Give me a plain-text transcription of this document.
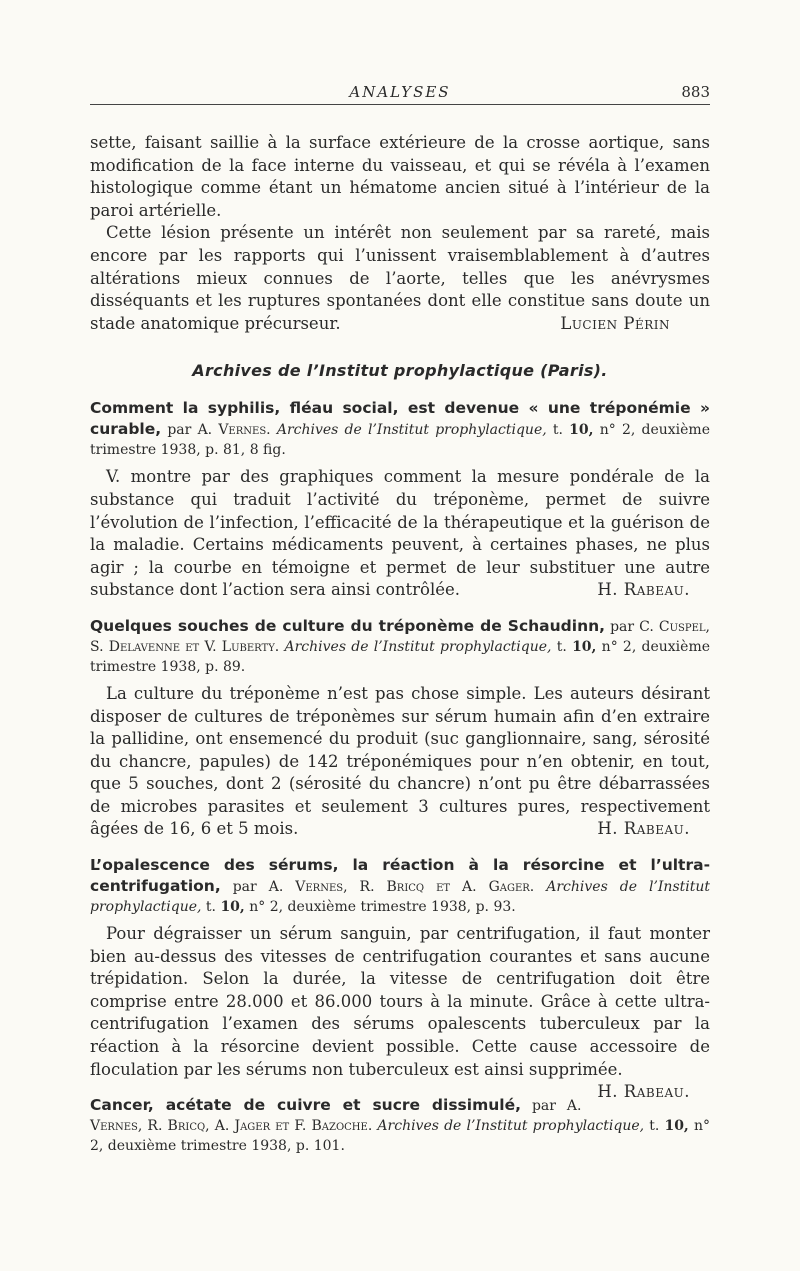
ANALYSES	883

sette, faisant saillie à la surface extérieure de la crosse aortique, sans modification de la face interne du vaisseau, et qui se révéla à l’examen histologique comme étant un hématome ancien situé à l’intérieur de la paroi artérielle.

Cette lésion présente un intérêt non seulement par sa rareté, mais encore par les rapports qui l’unissent vraisemblablement à d’autres altérations mieux connues de l’aorte, telles que les anévrysmes disséquants et les ruptures spontanées dont elle constitue sans doute un stade anatomique précurseur.	Lucien Périn

Archives de l’Institut prophylactique (Paris).
Comment la syphilis, fléau social, est devenue « une tréponémie » curable, par A. Vernes. Archives de l’Institut prophylactique, t. 10, n° 2, deuxième trimestre 1938, p. 81, 8 fig.

V. montre par des graphiques comment la mesure pondérale de la substance qui traduit l’activité du tréponème, permet de suivre l’évolution de l’infection, l’efficacité de la thérapeutique et la guérison de la maladie. Certains médicaments peuvent, à certaines phases, ne plus agir ; la courbe en témoigne et permet de leur substituer une autre substance dont l’action sera ainsi contrôlée.	H. Rabeau.

Quelques souches de culture du tréponème de Schaudinn, par C. Cuspel, S. Delavenne et V. Luberty. Archives de l’Institut prophylactique, t. 10, n° 2, deuxième trimestre 1938, p. 89.

La culture du tréponème n’est pas chose simple. Les auteurs désirant disposer de cultures de tréponèmes sur sérum humain afin d’en extraire la pallidine, ont ensemencé du produit (suc ganglionnaire, sang, sérosité du chancre, papules) de 142 tréponémiques pour n’en obtenir, en tout, que 5 souches, dont 2 (sérosité du chancre) n’ont pu être débarrassées de microbes parasites et seulement 3 cultures pures, respectivement âgées de 16, 6 et 5 mois.	H. Rabeau.

L’opalescence des sérums, la réaction à la résorcine et l’ultra-centrifugation, par A. Vernes, R. Bricq et A. Gager. Archives de l’Institut prophylactique, t. 10, n° 2, deuxième trimestre 1938, p. 93.

Pour dégraisser un sérum sanguin, par centrifugation, il faut monter bien au-dessus des vitesses de centrifugation courantes et sans aucune trépidation. Selon la durée, la vitesse de centrifugation doit être comprise entre 28.000 et 86.000 tours à la minute. Grâce à cette ultra-centrifugation l’examen des sérums opalescents tuberculeux par la réaction à la résorcine devient possible. Cette cause accessoire de floculation par les sérums non tuberculeux est ainsi supprimée.
H. Rabeau.

Cancer, acétate de cuivre et sucre dissimulé, par A. Vernes, R. Bricq, A. Jager et F. Bazoche. Archives de l’Institut prophylactique, t. 10, n° 2, deuxième trimestre 1938, p. 101.
